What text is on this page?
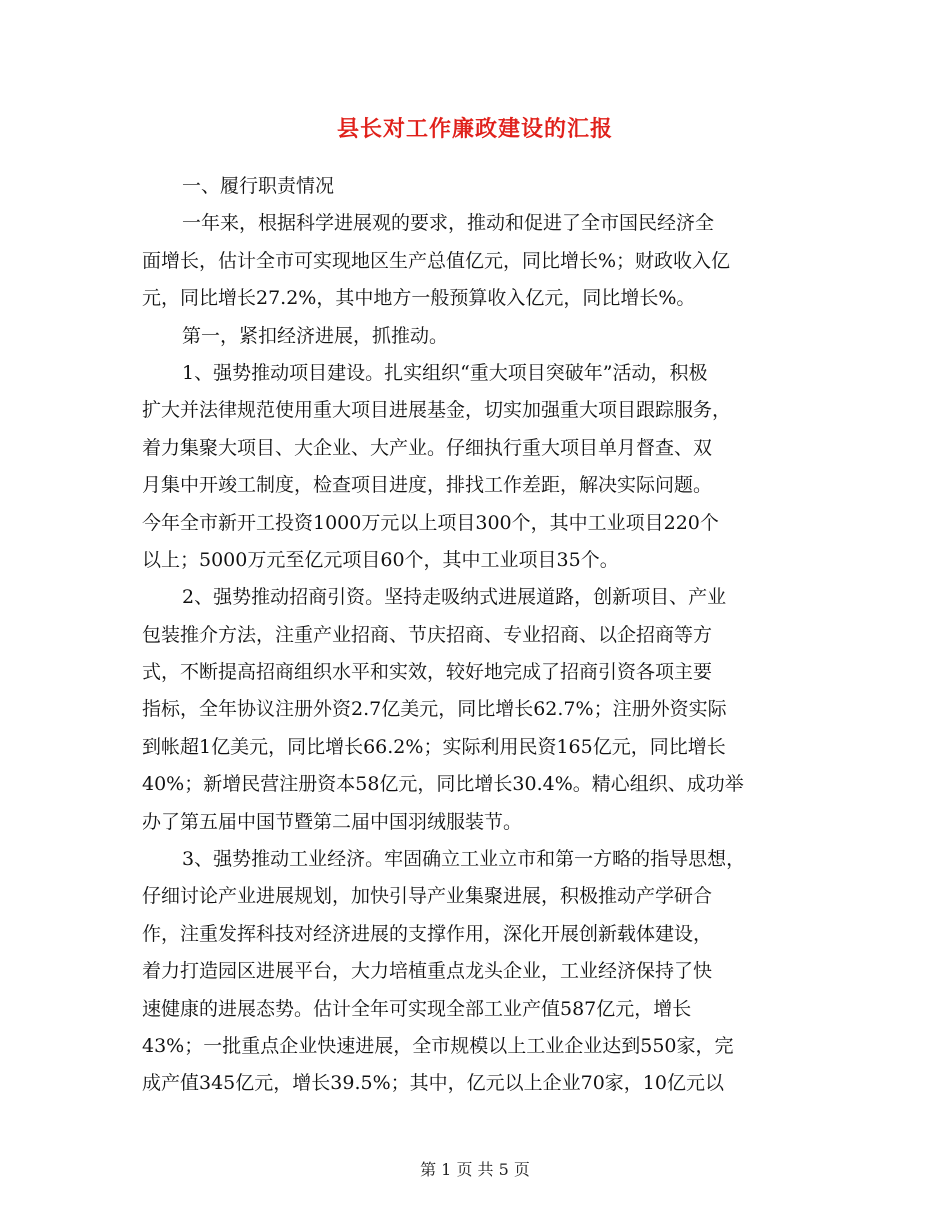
县长对工作廉政建设的汇报
一、履行职责情况
一年来，根据科学进展观的要求，推动和促进了全市国民经济全
面增长，估计全市可实现地区生产总值亿元，同比增长%；财政收入亿
元，同比增长27.2%，其中地方一般预算收入亿元，同比增长%。
第一，紧扣经济进展，抓推动。
1、强势推动项目建设。扎实组织“重大项目突破年”活动，积极
扩大并法律规范使用重大项目进展基金，切实加强重大项目跟踪服务，
着力集聚大项目、大企业、大产业。仔细执行重大项目单月督查、双
月集中开竣工制度，检查项目进度，排找工作差距，解决实际问题。
今年全市新开工投资1000万元以上项目300个，其中工业项目220个
以上；5000万元至亿元项目60个，其中工业项目35个。
2、强势推动招商引资。坚持走吸纳式进展道路，创新项目、产业
包装推介方法，注重产业招商、节庆招商、专业招商、以企招商等方
式，不断提高招商组织水平和实效，较好地完成了招商引资各项主要
指标，全年协议注册外资2.7亿美元，同比增长62.7%；注册外资实际
到帐超1亿美元，同比增长66.2%；实际利用民资165亿元，同比增长
40%；新增民营注册资本58亿元，同比增长30.4%。精心组织、成功举
办了第五届中国节暨第二届中国羽绒服装节。
3、强势推动工业经济。牢固确立工业立市和第一方略的指导思想，
仔细讨论产业进展规划，加快引导产业集聚进展，积极推动产学研合
作，注重发挥科技对经济进展的支撑作用，深化开展创新载体建设，
着力打造园区进展平台，大力培植重点龙头企业，工业经济保持了快
速健康的进展态势。估计全年可实现全部工业产值587亿元，增长
43%；一批重点企业快速进展，全市规模以上工业企业达到550家，完
成产值345亿元，增长39.5%；其中，亿元以上企业70家，10亿元以
第 1 页 共 5 页
